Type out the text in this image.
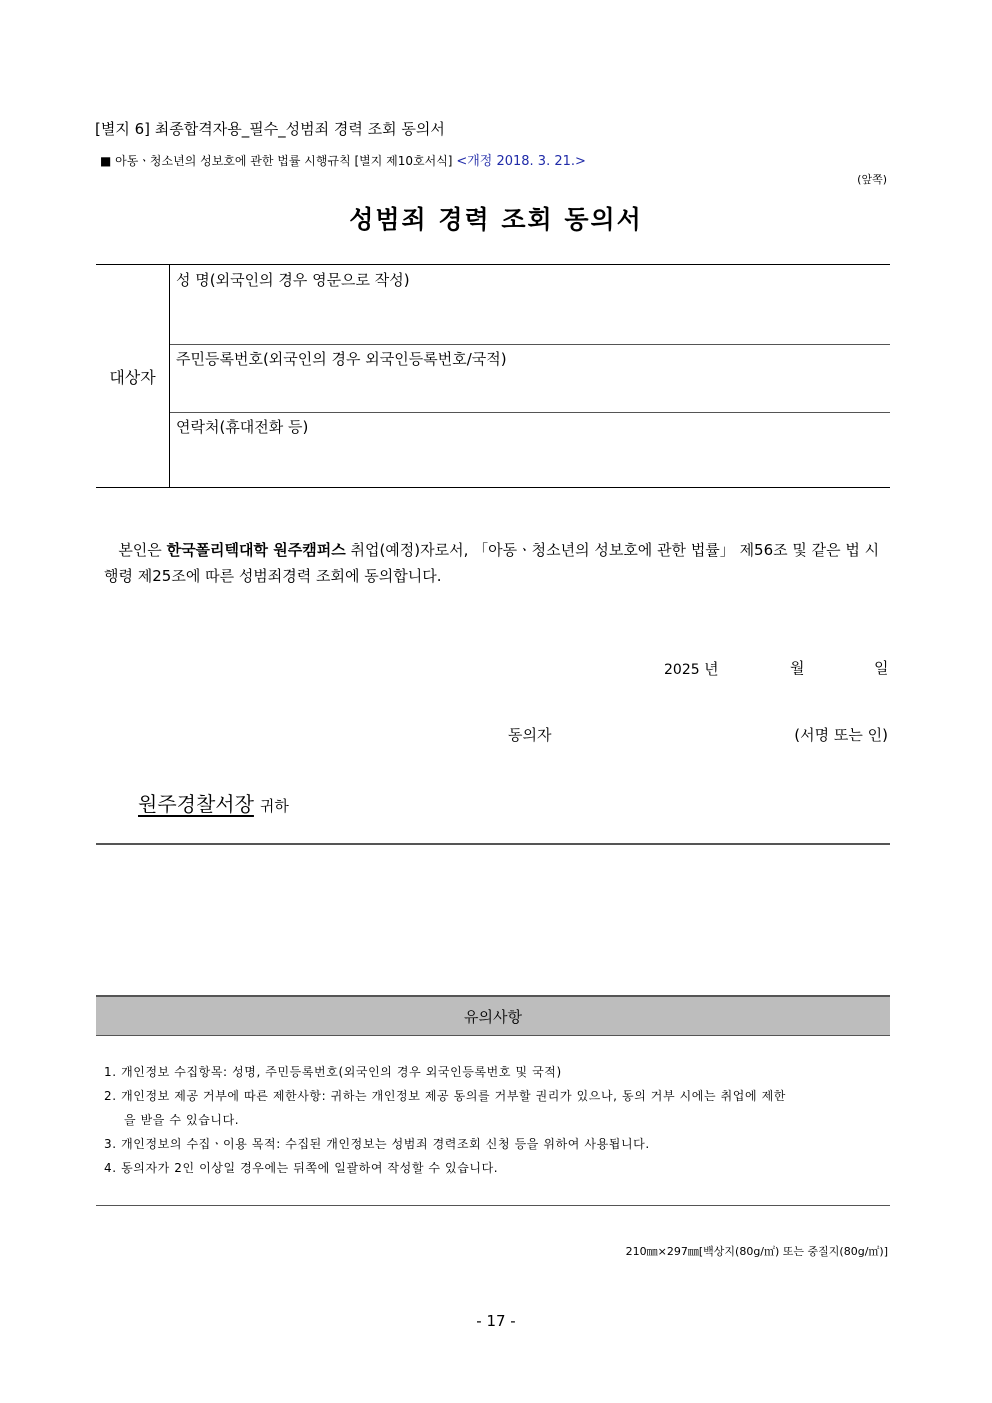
[별지 6] 최종합격자용_필수_성범죄 경력 조회 동의서
■ 아동ㆍ청소년의 성보호에 관한 법률 시행규칙 [별지 제10호서식] <개정 2018. 3. 21.>
(앞쪽)
성범죄 경력 조회 동의서
대상자
성 명(외국인의 경우 영문으로 작성)
주민등록번호(외국인의 경우 외국인등록번호/국적)
연락처(휴대전화 등)
본인은 한국폴리텍대학 원주캠퍼스 취업(예정)자로서, 「아동ㆍ청소년의 성보호에 관한 법률」 제56조 및 같은 법 시행령 제25조에 따른 성범죄경력 조회에 동의합니다.
2025 년	월	일
동의자	(서명 또는 인)
원주경찰서장 귀하
유의사항
1. 개인정보 수집항목: 성명, 주민등록번호(외국인의 경우 외국인등록번호 및 국적)
2. 개인정보 제공 거부에 따른 제한사항: 귀하는 개인정보 제공 동의를 거부할 권리가 있으나, 동의 거부 시에는 취업에 제한
을 받을 수 있습니다.
3. 개인정보의 수집ㆍ이용 목적: 수집된 개인정보는 성범죄 경력조회 신청 등을 위하여 사용됩니다.
4. 동의자가 2인 이상일 경우에는 뒤쪽에 일괄하여 작성할 수 있습니다.
210㎜×297㎜[백상지(80g/㎡) 또는 중질지(80g/㎡)]
- 17 -
